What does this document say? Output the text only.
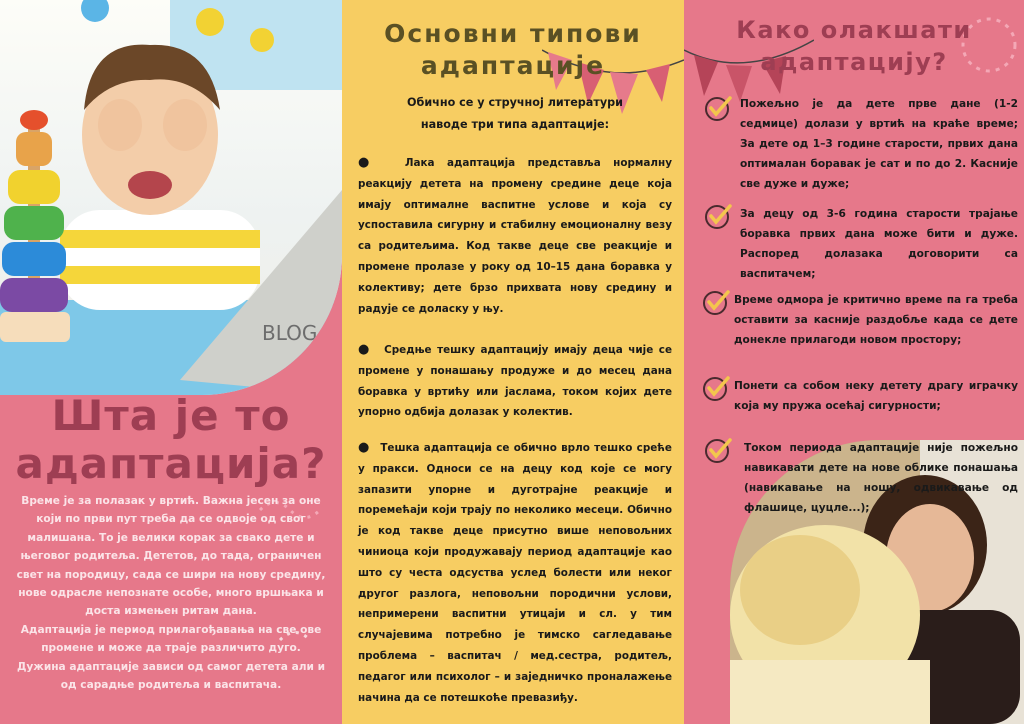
BLOG
Шта је то
адаптација?
Време је за полазак у вртић. Важна јесен за оне који по први пут треба да се одвоје од свог малишана. То је велики корак за свако дете и његовог родитеља. Дететов, до тада, ограничен свет на породицу, сада се шири на нову средину, нове одрасле непознате особе, много вршњака и доста измењен ритам дана.
Адаптација је период прилагођавања на све ове промене и може да траје различито дуго.
Дужина адаптације зависи од самог детета али и од сарадње родитеља и васпитача.
Основни типови
адаптације
Обично се у стручној литератури наводе три типа адаптације:
●  Лака адаптација представља нормалну реакцију детета на промену средине деце која имају оптималне васпитне услове и која су успоставила сигурну и стабилну емоционалну везу са родитељима. Код такве деце све реакције и промене пролазе у року од 10–15 дана боравка у колективу; дете брзо прихвата нову средину и радује се доласку у њу.
●  Средње тешку адаптацију имају деца чије се промене у понашању продуже и до месец дана боравка у вртићу или јаслама, током којих дете упорно одбија долазак у колектив.
●  Тешка адаптација се обично врло тешко среће у пракси. Односи се на децу код које се могу запазити упорне и дуготрајне реакције и поремећаји који трају по неколико месеци. Обично је код такве деце присутно више неповољних чиниоца који продужавају период адаптације као што су честа одсуства услед болести или неког другог разлога, неповољни породични услови, непримерени васпитни утицаји и сл. у тим случајевима потребно је тимско сагледавање проблема – васпитач / мед.сестра, родитељ, педагог или психолог – и заједничко проналажење начина да се потешкоће превазиђу.
Како олакшати
адаптацију?
Пожељно је да дете прве дане (1-2 седмице) долази у вртић на краће време; За дете од 1–3 године старости, првих дана оптималан боравак је сат и по до 2. Касније све дуже и дуже;
За децу од 3-6 година старости трајање боравка првих дана може бити и дуже. Распоред долазака договорити са васпитачем;
Време одмора је критично време па га треба оставити за касније раздобље када се дете донекле прилагоди новом простору;
Понети са собом неку детету драгу играчку која му пружа осећај сигурности;
Током периода адаптације није пожељно навикавати дете на нове облике понашања (навикавање на ношу, одвикавање од флашице, цуцле...);
